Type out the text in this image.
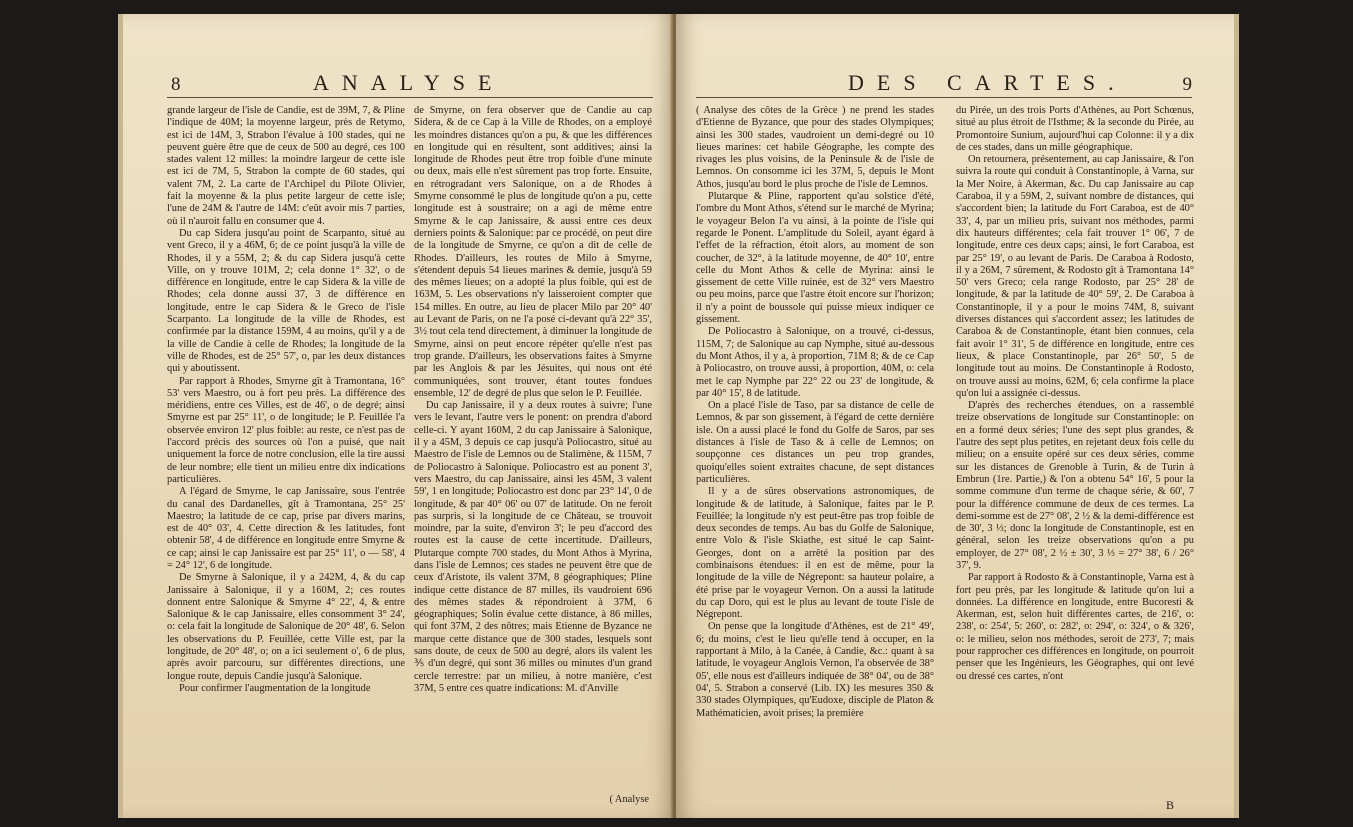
8	ANALYSE

grande largeur de l'isle de Candie, est de 39M, 7, & Pline l'indique de 40M; la moyenne largeur, près de Retymo, est ici de 14M, 3, Strabon l'évalue à 100 stades, qui ne peuvent guère être que de ceux de 500 au degré, ces 100 stades valent 12 milles: la moindre largeur de cette isle est ici de 7M, 5, Strabon la compte de 60 stades, qui valent 7M, 2. La carte de l'Archipel du Pilote Olivier, fait la moyenne & la plus petite largeur de cette isle; l'une de 24M & l'autre de 14M: c'eût avoir mis 7 parties, où il n'auroit fallu en consumer que 4.

Du cap Sidera jusqu'au point de Scarpanto, situé au vent Greco, il y a 46M, 6; de ce point jusqu'à la ville de Rhodes, il y a 55M, 2; & du cap Sidera jusqu'à cette Ville, on y trouve 101M, 2; cela donne 1° 32', o de différence en longitude, entre le cap Sidera & la ville de Rhodes; cela donne aussi 37, 3 de différence en longitude, entre le cap Sidera & le Greco de l'isle Scarpanto. La longitude de la ville de Rhodes, est confirmée par la distance 159M, 4 au moins, qu'il y a de la ville de Candie à celle de Rhodes; la longitude de la ville de Rhodes, est de 25° 57', o, par les deux distances qui y aboutissent.

Par rapport à Rhodes, Smyrne gît à Tramontana, 16° 53' vers Maestro, ou à fort peu près. La différence des méridiens, entre ces Villes, est de 46', o de degré; ainsi Smyrne est par 25° 11', o de longitude; le P. Feuillée l'a observée environ 12' plus foible: au reste, ce n'est pas de l'accord précis des sources où l'on a puisé, que nait uniquement la force de notre conclusion, elle la tire aussi de leur nombre; elle tient un milieu entre dix indications particulières.

A l'égard de Smyrne, le cap Janissaire, sous l'entrée du canal des Dardanelles, gît à Tramontana, 25° 25' Maestro; la latitude de ce cap, prise par divers marins, est de 40° 03', 4. Cette direction & les latitudes, font obtenir 58', 4 de différence en longitude entre Smyrne & ce cap; ainsi le cap Janissaire est par 25° 11', o — 58', 4 = 24° 12', 6 de longitude.

De Smyrne à Salonique, il y a 242M, 4, & du cap Janissaire à Salonique, il y a 160M, 2; ces routes donnent entre Salonique & Smyrne 4° 22', 4, & entre Salonique & le cap Janissaire, elles consomment 3° 24', o: cela fait la longitude de Salonique de 20° 48', 6. Selon les observations du P. Feuillée, cette Ville est, par la longitude, de 20° 48', o; on a ici seulement o', 6 de plus, après avoir parcouru, sur différentes directions, une longue route, depuis Candie jusqu'à Salonique.

Pour confirmer l'augmentation de la longitude

de Smyrne, on fera observer que de Candie au cap Sidera, & de ce Cap à la Ville de Rhodes, on a employé les moindres distances qu'on a pu, & que les différences en longitude qui en résultent, sont additives; ainsi la longitude de Rhodes peut être trop foible d'une minute ou deux, mais elle n'est sûrement pas trop forte. Ensuite, en rétrogradant vers Salonique, on a de Rhodes à Smyrne consommé le plus de longitude qu'on a pu, cette longitude est à soustraire; on a agi de même entre Smyrne & le cap Janissaire, & aussi entre ces deux derniers points & Salonique: par ce procédé, on peut dire de la longitude de Smyrne, ce qu'on a dit de celle de Rhodes. D'ailleurs, les routes de Milo à Smyrne, s'étendent depuis 54 lieues marines & demie, jusqu'à 59 des mêmes lieues; on a adopté la plus foible, qui est de 163M, 5. Les observations n'y laisseroient compter que 154 milles. En outre, au lieu de placer Milo par 20° 40' au Levant de Paris, on ne l'a posé ci-devant qu'à 22° 35', 3½ tout cela tend directement, à diminuer la longitude de Smyrne, ainsi on peut encore répéter qu'elle n'est pas trop grande. D'ailleurs, les observations faites à Smyrne par les Anglois & par les Jésuites, qui nous ont été communiquées, sont trouver, étant toutes fondues ensemble, 12' de degré de plus que selon le P. Feuillée.

Du cap Janissaire, il y a deux routes à suivre; l'une vers le levant, l'autre vers le ponent: on prendra d'abord celle-ci. Y ayant 160M, 2 du cap Janissaire à Salonique, il y a 45M, 3 depuis ce cap jusqu'à Poliocastro, situé au Maestro de l'isle de Lemnos ou de Stalimène, & 115M, 7 de Poliocastro à Salonique. Poliocastro est au ponent 3', vers Maestro, du cap Janissaire, ainsi les 45M, 3 valent 59', 1 en longitude; Poliocastro est donc par 23° 14', 0 de longitude, & par 40° 06' ou 07' de latitude. On ne feroit pas surpris, si la longitude de ce Château, se trouvoit moindre, par la suite, d'environ 3'; le peu d'accord des routes est la cause de cette incertitude. D'ailleurs, Plutarque compte 700 stades, du Mont Athos à Myrina, dans l'isle de Lemnos; ces stades ne peuvent être que de ceux d'Aristote, ils valent 37M, 8 géographiques; Pline indique cette distance de 87 milles, ils vaudroient 696 des mêmes stades & répondroient à 37M, 6 géographiques; Solin évalue cette distance, à 86 milles, qui font 37M, 2 des nôtres; mais Etienne de Byzance ne marque cette distance que de 300 stades, lesquels sont sans doute, de ceux de 500 au degré, alors ils valent les ⅗ d'un degré, qui sont 36 milles ou minutes d'un grand cercle terrestre: par un milieu, à notre manière, c'est 37M, 5 entre ces quatre indications: M. d'Anville

( Analyse
DES CARTES.	9

( Analyse des côtes de la Grèce ) ne prend les stades d'Etienne de Byzance, que pour des stades Olympiques; ainsi les 300 stades, vaudroient un demi-degré ou 10 lieues marines: cet habile Géographe, les compte des rivages les plus voisins, de la Peninsule & de l'isle de Lemnos. On consomme ici les 37M, 5, depuis le Mont Athos, jusqu'au bord le plus proche de l'isle de Lemnos.

Plutarque & Pline, rapportent qu'au solstice d'été, l'ombre du Mont Athos, s'étend sur le marché de Myrina; le voyageur Belon l'a vu ainsi, à la pointe de l'isle qui regarde le Ponent. L'amplitude du Soleil, ayant égard à l'effet de la réfraction, étoit alors, au moment de son coucher, de 32°, à la latitude moyenne, de 40° 10', entre celle du Mont Athos & celle de Myrina: ainsi le gissement de cette Ville ruinée, est de 32° vers Maestro ou peu moins, parce que l'astre étoit encore sur l'horizon; il n'y a point de boussole qui puisse mieux indiquer ce gissement.

De Poliocastro à Salonique, on a trouvé, ci-dessus, 115M, 7; de Salonique au cap Nymphe, situé au-dessous du Mont Athos, il y a, à proportion, 71M 8; & de ce Cap à Poliocastro, on trouve aussi, à proportion, 40M, o: cela met le cap Nymphe par 22° 22 ou 23' de longitude, & par 40° 15', 8 de latitude.

On a placé l'isle de Taso, par sa distance de celle de Lemnos, & par son gissement, à l'égard de cette dernière isle. On a aussi placé le fond du Golfe de Saros, par ses distances à l'isle de Taso & à celle de Lemnos; on soupçonne ces distances un peu trop grandes, quoiqu'elles soient extraites chacune, de sept distances particulières.

Il y a de sûres observations astronomiques, de longitude & de latitude, à Salonique, faites par le P. Feuillée; la longitude n'y est peut-être pas trop foible de deux secondes de temps. Au bas du Golfe de Salonique, entre Volo & l'isle Skiathe, est situé le cap Saint-Georges, dont on a arrêté la position par des combinaisons étendues: il en est de même, pour la longitude de la ville de Négrepont: sa hauteur polaire, a été prise par le voyageur Vernon. On a aussi la latitude du cap Doro, qui est le plus au levant de toute l'isle de Négrepont.

On pense que la longitude d'Athènes, est de 21° 49', 6; du moins, c'est le lieu qu'elle tend à occuper, en la rapportant à Milo, à la Canée, à Candie, &c.: quant à sa latitude, le voyageur Anglois Vernon, l'a observée de 38° 05', elle nous est d'ailleurs indiquée de 38° 04', ou de 38° 04', 5. Strabon a conservé (Lib. IX) les mesures 350 & 330 stades Olympiques, qu'Eudoxe, disciple de Platon & Mathématicien, avoit prises; la première

du Pirée, un des trois Ports d'Athènes, au Port Schœnus, situé au plus étroit de l'Isthme; & la seconde du Pirée, au Promontoire Sunium, aujourd'hui cap Colonne: il y a dix de ces stades, dans un mille géographique.

On retournera, présentement, au cap Janissaire, & l'on suivra la route qui conduit à Constantinople, à Varna, sur la Mer Noire, à Akerman, &c. Du cap Janissaire au cap Caraboa, il y a 59M, 2, suivant nombre de distances, qui s'accordent bien; la latitude du Fort Caraboa, est de 40° 33', 4, par un milieu pris, suivant nos méthodes, parmi dix hauteurs différentes; cela fait trouver 1° 06', 7 de longitude, entre ces deux caps; ainsi, le fort Caraboa, est par 25° 19', o au levant de Paris. De Caraboa à Rodosto, il y a 26M, 7 sûrement, & Rodosto gît à Tramontana 14° 50' vers Greco; cela range Rodosto, par 25° 28' de longitude, & par la latitude de 40° 59', 2. De Caraboa à Constantinople, il y a pour le moins 74M, 8, suivant diverses distances qui s'accordent assez; les latitudes de Caraboa & de Constantinople, étant bien connues, cela fait avoir 1° 31', 5 de différence en longitude, entre ces lieux, & place Constantinople, par 26° 50', 5 de longitude tout au moins. De Constantinople à Rodosto, on trouve aussi au moins, 62M, 6; cela confirme la place qu'on lui a assignée ci-dessus.

D'après des recherches étendues, on a rassemblé treize observations de longitude sur Constantinople: on en a formé deux séries; l'une des sept plus grandes, & l'autre des sept plus petites, en rejetant deux fois celle du milieu; on a ensuite opéré sur ces deux séries, comme sur les distances de Grenoble à Turin, & de Turin à Embrun (1re. Partie,) & l'on a obtenu 54° 16', 5 pour la somme commune d'un terme de chaque série, & 60', 7 pour la différence commune de deux de ces termes. La demi-somme est de 27° 08', 2 ½ & la demi-différence est de 30', 3 ⅓; donc la longitude de Constantinople, est en général, selon les treize observations qu'on a pu employer, de 27° 08', 2 ½ ± 30', 3 ⅓ = 27° 38', 6 / 26° 37', 9.

Par rapport à Rodosto & à Constantinople, Varna est à fort peu près, par les longitude & latitude qu'on lui a données. La différence en longitude, entre Bucoresti & Akerman, est, selon huit différentes cartes, de 216', o: 238', o: 254', 5: 260', o: 282', o: 294', o: 324', o & 326', o: le milieu, selon nos méthodes, seroit de 273', 7; mais pour rapprocher ces différences en longitude, on pourroit penser que les Ingénieurs, les Géographes, qui ont levé ou dressé ces cartes, n'ont

B
